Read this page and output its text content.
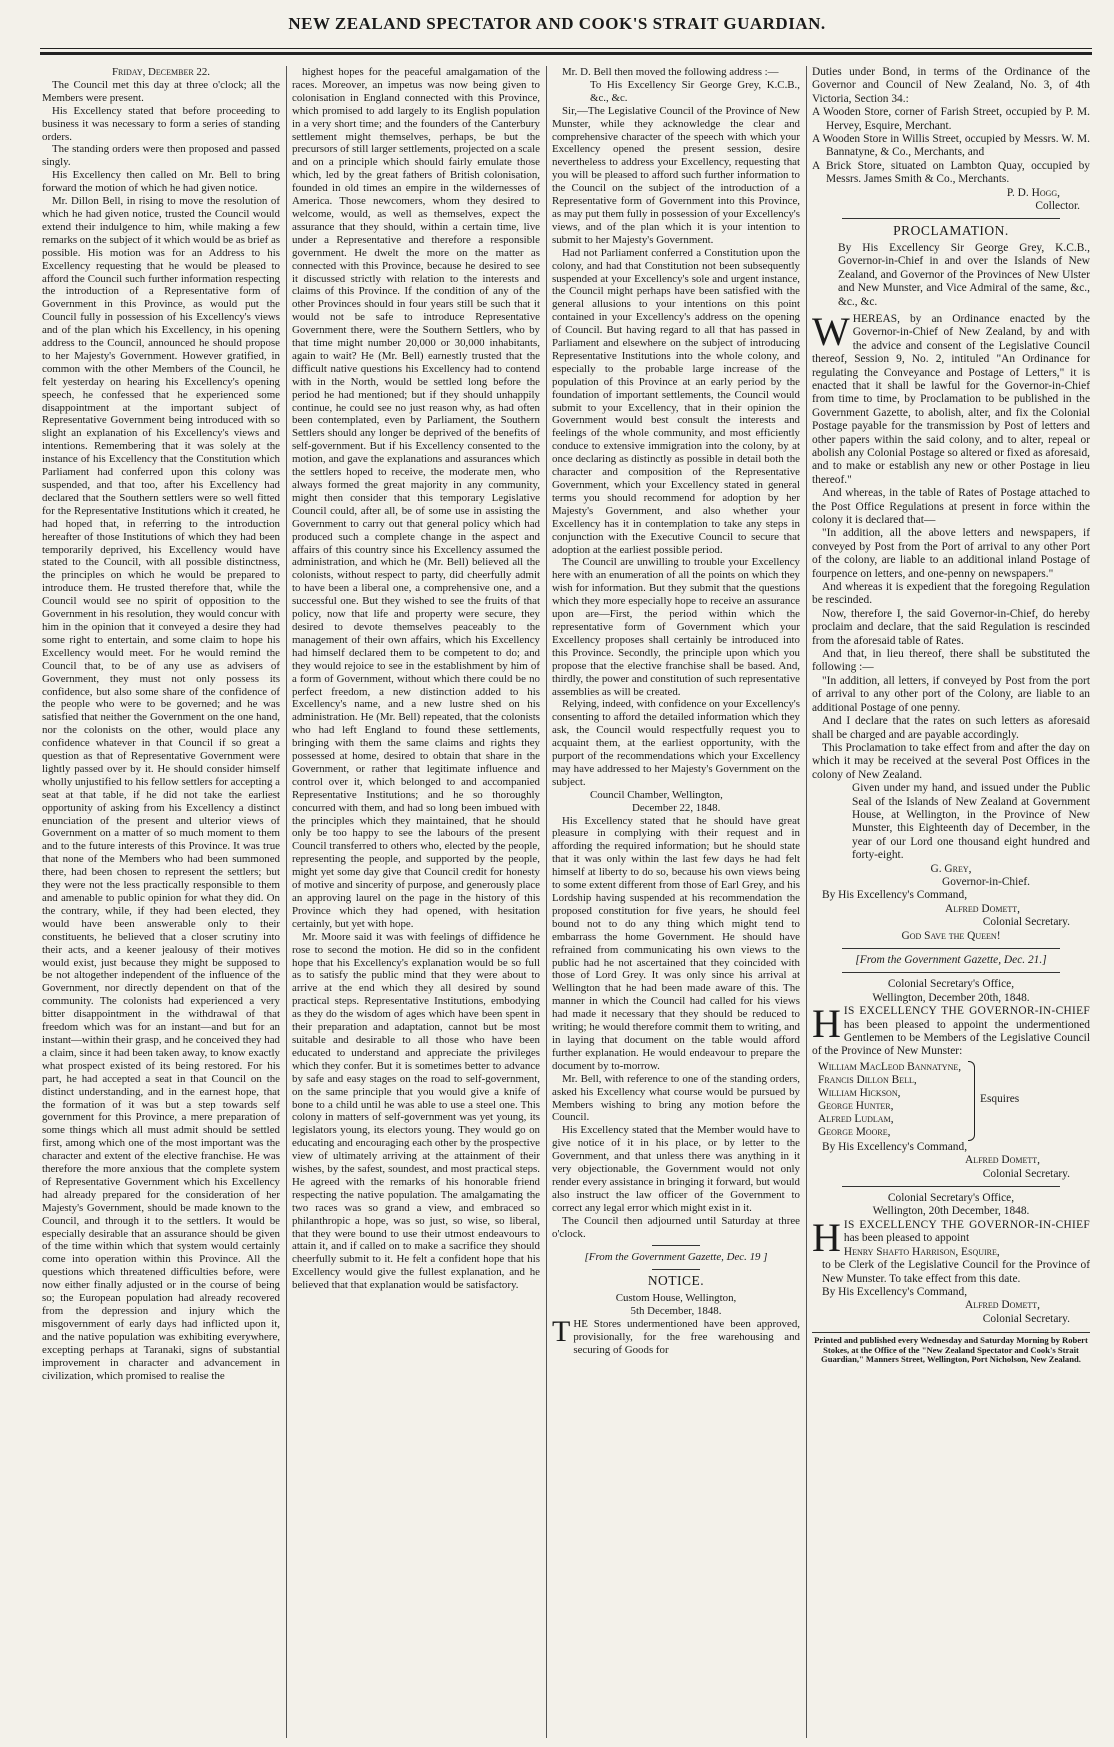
NEW ZEALAND SPECTATOR AND COOK'S STRAIT GUARDIAN.

Friday, December 22.

The Council met this day at three o'clock; all the Members were present.

His Excellency stated that before proceeding to business it was necessary to form a series of standing orders.

The standing orders were then proposed and passed singly.

His Excellency then called on Mr. Bell to bring forward the motion of which he had given notice.

Mr. Dillon Bell, in rising to move the resolution of which he had given notice, trusted the Council would extend their indulgence to him, while making a few remarks on the subject of it which would be as brief as possible. His motion was for an Address to his Excellency requesting that he would be pleased to afford the Council such further information respecting the introduction of a Representative form of Government in this Province, as would put the Council fully in possession of his Excellency's views and of the plan which his Excellency, in his opening address to the Council, announced he should propose to her Majesty's Government. However gratified, in common with the other Members of the Council, he felt yesterday on hearing his Excellency's opening speech, he confessed that he experienced some disappointment at the important subject of Representative Government being introduced with so slight an explanation of his Excellency's views and intentions. Remembering that it was solely at the instance of his Excellency that the Constitution which Parliament had conferred upon this colony was suspended, and that too, after his Excellency had declared that the Southern settlers were so well fitted for the Representative Institutions which it created, he had hoped that, in referring to the introduction hereafter of those Institutions of which they had been temporarily deprived, his Excellency would have stated to the Council, with all possible distinctness, the principles on which he would be prepared to introduce them. He trusted therefore that, while the Council would see no spirit of opposition to the Government in his resolution, they would concur with him in the opinion that it conveyed a desire they had some right to entertain, and some claim to hope his Excellency would meet. For he would remind the Council that, to be of any use as advisers of Government, they must not only possess its confidence, but also some share of the confidence of the people who were to be governed; and he was satisfied that neither the Government on the one hand, nor the colonists on the other, would place any confidence whatever in that Council if so great a question as that of Representative Government were lightly passed over by it. He should consider himself wholly unjustified to his fellow settlers for accepting a seat at that table, if he did not take the earliest opportunity of asking from his Excellency a distinct enunciation of the present and ulterior views of Government on a matter of so much moment to them and to the future interests of this Province. It was true that none of the Members who had been summoned there, had been chosen to represent the settlers; but they were not the less practically responsible to them and amenable to public opinion for what they did. On the contrary, while, if they had been elected, they would have been answerable only to their constituents, he believed that a closer scrutiny into their acts, and a keener jealousy of their motives would exist, just because they might be supposed to be not altogether independent of the influence of the Government, nor directly dependent on that of the community. The colonists had experienced a very bitter disappointment in the withdrawal of that freedom which was for an instant—and but for an instant—within their grasp, and he conceived they had a claim, since it had been taken away, to know exactly what prospect existed of its being restored. For his part, he had accepted a seat in that Council on the distinct understanding, and in the earnest hope, that the formation of it was but a step towards self government for this Province, a mere preparation of some things which all must admit should be settled first, among which one of the most important was the character and extent of the elective franchise. He was therefore the more anxious that the complete system of Representative Government which his Excellency had already prepared for the consideration of her Majesty's Government, should be made known to the Council, and through it to the settlers. It would be especially desirable that an assurance should be given of the time within which that system would certainly come into operation within this Province. All the questions which threatened difficulties before, were now either finally adjusted or in the course of being so; the European population had already recovered from the depression and injury which the misgovernment of early days had inflicted upon it, and the native population was exhibiting everywhere, excepting perhaps at Taranaki, signs of substantial improvement in character and advancement in civilization, which promised to realise the

highest hopes for the peaceful amalgamation of the races. Moreover, an impetus was now being given to colonisation in England connected with this Province, which promised to add largely to its English population in a very short time; and the founders of the Canterbury settlement might themselves, perhaps, be but the precursors of still larger settlements, projected on a scale and on a principle which should fairly emulate those which, led by the great fathers of British colonisation, founded in old times an empire in the wildernesses of America. Those newcomers, whom they desired to welcome, would, as well as themselves, expect the assurance that they should, within a certain time, live under a Representative and therefore a responsible government. He dwelt the more on the matter as connected with this Province, because he desired to see it discussed strictly with relation to the interests and claims of this Province. If the condition of any of the other Provinces should in four years still be such that it would not be safe to introduce Representative Government there, were the Southern Settlers, who by that time might number 20,000 or 30,000 inhabitants, again to wait? He (Mr. Bell) earnestly trusted that the difficult native questions his Excellency had to contend with in the North, would be settled long before the period he had mentioned; but if they should unhappily continue, he could see no just reason why, as had often been contemplated, even by Parliament, the Southern Settlers should any longer be deprived of the benefits of self-government. But if his Excellency consented to the motion, and gave the explanations and assurances which the settlers hoped to receive, the moderate men, who always formed the great majority in any community, might then consider that this temporary Legislative Council could, after all, be of some use in assisting the Government to carry out that general policy which had produced such a complete change in the aspect and affairs of this country since his Excellency assumed the administration, and which he (Mr. Bell) believed all the colonists, without respect to party, did cheerfully admit to have been a liberal one, a comprehensive one, and a successful one. But they wished to see the fruits of that policy, now that life and property were secure, they desired to devote themselves peaceably to the management of their own affairs, which his Excellency had himself declared them to be competent to do; and they would rejoice to see in the establishment by him of a form of Government, without which there could be no perfect freedom, a new distinction added to his Excellency's name, and a new lustre shed on his administration. He (Mr. Bell) repeated, that the colonists who had left England to found these settlements, bringing with them the same claims and rights they possessed at home, desired to obtain that share in the Government, or rather that legitimate influence and control over it, which belonged to and accompanied Representative Institutions; and he so thoroughly concurred with them, and had so long been imbued with the principles which they maintained, that he should only be too happy to see the labours of the present Council transferred to others who, elected by the people, representing the people, and supported by the people, might yet some day give that Council credit for honesty of motive and sincerity of purpose, and generously place an approving laurel on the page in the history of this Province which they had opened, with hesitation certainly, but yet with hope.

Mr. Moore said it was with feelings of diffidence he rose to second the motion. He did so in the confident hope that his Excellency's explanation would be so full as to satisfy the public mind that they were about to arrive at the end which they all desired by sound practical steps. Representative Institutions, embodying as they do the wisdom of ages which have been spent in their preparation and adaptation, cannot but be most suitable and desirable to all those who have been educated to understand and appreciate the privileges which they confer. But it is sometimes better to advance by safe and easy stages on the road to self-government, on the same principle that you would give a knife of bone to a child until he was able to use a steel one. This colony in matters of self-government was yet young, its legislators young, its electors young. They would go on educating and encouraging each other by the prospective view of ultimately arriving at the attainment of their wishes, by the safest, soundest, and most practical steps. He agreed with the remarks of his honorable friend respecting the native population. The amalgamating the two races was so grand a view, and embraced so philanthropic a hope, was so just, so wise, so liberal, that they were bound to use their utmost endeavours to attain it, and if called on to make a sacrifice they should cheerfully submit to it. He felt a confident hope that his Excellency would give the fullest explanation, and he believed that that explanation would be satisfactory.

Mr. D. Bell then moved the following address :—

To His Excellency Sir George Grey, K.C.B., &c., &c.

Sir,—The Legislative Council of the Province of New Munster, while they acknowledge the clear and comprehensive character of the speech with which your Excellency opened the present session, desire nevertheless to address your Excellency, requesting that you will be pleased to afford such further information to the Council on the subject of the introduction of a Representative form of Government into this Province, as may put them fully in possession of your Excellency's views, and of the plan which it is your intention to submit to her Majesty's Government.

Had not Parliament conferred a Constitution upon the colony, and had that Constitution not been subsequently suspended at your Excellency's sole and urgent instance, the Council might perhaps have been satisfied with the general allusions to your intentions on this point contained in your Excellency's address on the opening of Council. But having regard to all that has passed in Parliament and elsewhere on the subject of introducing Representative Institutions into the whole colony, and especially to the probable large increase of the population of this Province at an early period by the foundation of important settlements, the Council would submit to your Excellency, that in their opinion the Government would best consult the interests and feelings of the whole community, and most efficiently conduce to extensive immigration into the colony, by at once declaring as distinctly as possible in detail both the character and composition of the Representative Government, which your Excellency stated in general terms you should recommend for adoption by her Majesty's Government, and also whether your Excellency has it in contemplation to take any steps in conjunction with the Executive Council to secure that adoption at the earliest possible period.

The Council are unwilling to trouble your Excellency here with an enumeration of all the points on which they wish for information. But they submit that the questions which they more especially hope to receive an assurance upon are—First, the period within which the representative form of Government which your Excellency proposes shall certainly be introduced into this Province. Secondly, the principle upon which you propose that the elective franchise shall be based. And, thirdly, the power and constitution of such representative assemblies as will be created.

Relying, indeed, with confidence on your Excellency's consenting to afford the detailed information which they ask, the Council would respectfully request you to acquaint them, at the earliest opportunity, with the purport of the recommendations which your Excellency may have addressed to her Majesty's Government on the subject.

Council Chamber, Wellington,

December 22, 1848.

His Excellency stated that he should have great pleasure in complying with their request and in affording the required information; but he should state that it was only within the last few days he had felt himself at liberty to do so, because his own views being to some extent different from those of Earl Grey, and his Lordship having suspended at his recommendation the proposed constitution for five years, he should feel bound not to do any thing which might tend to embarrass the home Government. He should have refrained from communicating his own views to the public had he not ascertained that they coincided with those of Lord Grey. It was only since his arrival at Wellington that he had been made aware of this. The manner in which the Council had called for his views had made it necessary that they should be reduced to writing; he would therefore commit them to writing, and in laying that document on the table would afford further explanation. He would endeavour to prepare the document by to-morrow.

Mr. Bell, with reference to one of the standing orders, asked his Excellency what course would be pursued by Members wishing to bring any motion before the Council.

His Excellency stated that the Member would have to give notice of it in his place, or by letter to the Government, and that unless there was anything in it very objectionable, the Government would not only render every assistance in bringing it forward, but would also instruct the law officer of the Government to correct any legal error which might exist in it.

The Council then adjourned until Saturday at three o'clock.

[From the Government Gazette, Dec. 19 ]

NOTICE.

Custom House, Wellington,

5th December, 1848.

THE Stores undermentioned have been approved, provisionally, for the free warehousing and securing of Goods for

Duties under Bond, in terms of the Ordinance of the Governor and Council of New Zealand, No. 3, of 4th Victoria, Section 34.:

A Wooden Store, corner of Farish Street, occupied by P. M. Hervey, Esquire, Merchant.

A Wooden Store in Willis Street, occupied by Messrs. W. M. Bannatyne, & Co., Merchants, and

A Brick Store, situated on Lambton Quay, occupied by Messrs. James Smith & Co., Merchants.

P. D. Hogg,

Collector.

PROCLAMATION.

By His Excellency Sir George Grey, K.C.B., Governor-in-Chief in and over the Islands of New Zealand, and Governor of the Provinces of New Ulster and New Munster, and Vice Admiral of the same, &c., &c., &c.

WHEREAS, by an Ordinance enacted by the Governor-in-Chief of New Zealand, by and with the advice and consent of the Legislative Council thereof, Session 9, No. 2, intituled "An Ordinance for regulating the Conveyance and Postage of Letters," it is enacted that it shall be lawful for the Governor-in-Chief from time to time, by Proclamation to be published in the Government Gazette, to abolish, alter, and fix the Colonial Postage payable for the transmission by Post of letters and other papers within the said colony, and to alter, repeal or abolish any Colonial Postage so altered or fixed as aforesaid, and to make or establish any new or other Postage in lieu thereof."

And whereas, in the table of Rates of Postage attached to the Post Office Regulations at present in force within the colony it is declared that—

"In addition, all the above letters and newspapers, if conveyed by Post from the Port of arrival to any other Port of the colony, are liable to an additional inland Postage of fourpence on letters, and one-penny on newspapers."

And whereas it is expedient that the foregoing Regulation be rescinded.

Now, therefore I, the said Governor-in-Chief, do hereby proclaim and declare, that the said Regulation is rescinded from the aforesaid table of Rates.

And that, in lieu thereof, there shall be substituted the following :—

"In addition, all letters, if conveyed by Post from the port of arrival to any other port of the Colony, are liable to an additional Postage of one penny.

And I declare that the rates on such letters as aforesaid shall be charged and are payable accordingly.

This Proclamation to take effect from and after the day on which it may be received at the several Post Offices in the colony of New Zealand.

Given under my hand, and issued under the Public Seal of the Islands of New Zealand at Government House, at Wellington, in the Province of New Munster, this Eighteenth day of December, in the year of our Lord one thousand eight hundred and forty-eight.

G. Grey,

Governor-in-Chief.

By His Excellency's Command,

Alfred Domett,

Colonial Secretary.

God Save the Queen!

[From the Government Gazette, Dec. 21.]

Colonial Secretary's Office,

Wellington, December 20th, 1848.

HIS EXCELLENCY THE GOVERNOR-IN-CHIEF has been pleased to appoint the undermentioned Gentlemen to be Members of the Legislative Council of the Province of New Munster:

William MacLeod Bannatyne,
Francis Dillon Bell,
William Hickson,
George Hunter,
Alfred Ludlam,
George Moore,
Esquires

By His Excellency's Command,

Alfred Domett,

Colonial Secretary.

Colonial Secretary's Office,

Wellington, 20th December, 1848.

HIS EXCELLENCY THE GOVERNOR-IN-CHIEF has been pleased to appoint

Henry Shafto Harrison, Esquire,

to be Clerk of the Legislative Council for the Province of New Munster. To take effect from this date.

By His Excellency's Command,

Alfred Domett,

Colonial Secretary.

Printed and published every Wednesday and Saturday Morning by Robert Stokes, at the Office of the "New Zealand Spectator and Cook's Strait Guardian," Manners Street, Wellington, Port Nicholson, New Zealand.
